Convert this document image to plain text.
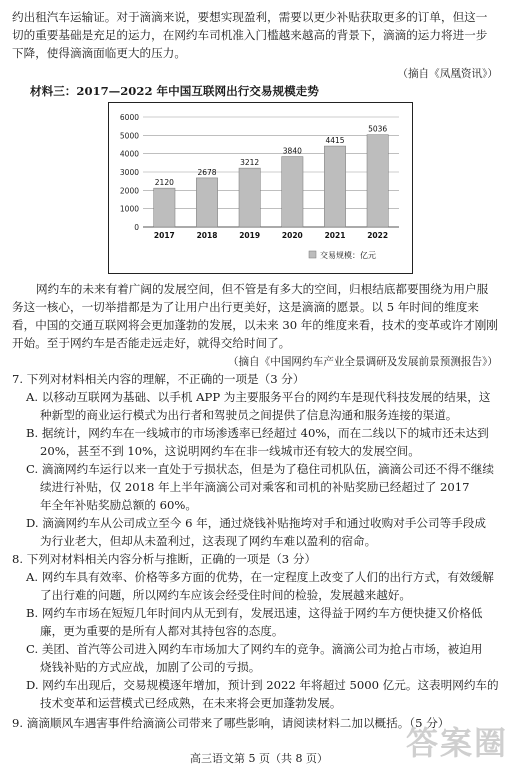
约出租汽车运输证。对于滴滴来说，要想实现盈利，需要以更少补贴获取更多的订单，但这一
切的重要基础是充足的运力，在网约车司机准入门槛越来越高的背景下，滴滴的运力将进一步
下降，使得滴滴面临更大的压力。
（摘自《凤凰资讯》）
材料三：2017—2022 年中国互联网出行交易规模走势
0
1000
2000
3000
4000
5000
6000
2120
2017
2678
2018
3212
2019
3840
2020
4415
2021
5036
2022
交易规模：亿元
网约车的未来有着广阔的发展空间，但不管是有多大的空间，归根结底都要围绕为用户服
务这一核心，一切举措都是为了让用户出行更美好，这是滴滴的愿景。以 5 年时间的维度来
看，中国的交通互联网将会更加蓬勃的发展，以未来 30 年的维度来看，技术的变革或许才刚刚
开始。至于网约车是否能走远走好，就得交给时间了。
（摘自《中国网约车产业全景调研及发展前景预测报告》）
7. 下列对材料相关内容的理解，不正确的一项是（3 分）
A. 以移动互联网为基础、以手机 APP 为主要服务平台的网约车是现代科技发展的结果，这
种新型的商业运行模式为出行者和驾驶员之间提供了信息沟通和服务连接的渠道。
B. 据统计，网约车在一线城市的市场渗透率已经超过 40%，而在二线以下的城市还未达到
20%，甚至不到 10%，这说明网约车在非一线城市还有较大的发展空间。
C. 滴滴网约车运行以来一直处于亏损状态，但是为了稳住司机队伍，滴滴公司还不得不继续
续进行补贴，仅 2018 年上半年滴滴公司对乘客和司机的补贴奖励已经超过了 2017
年全年补贴奖励总额的 60%。
D. 滴滴网约车从公司成立至今 6 年，通过烧钱补贴拖垮对手和通过收购对手公司等手段成
为行业老大，但却从未盈利过，这表现了网约车难以盈利的宿命。
8. 下列对材料相关内容分析与推断，正确的一项是（3 分）
A. 网约车具有效率、价格等多方面的优势，在一定程度上改变了人们的出行方式，有效缓解
了出行难的问题，所以网约车应该会经受住时间的检验，发展越来越好。
B. 网约车市场在短短几年时间内从无到有，发展迅速，这得益于网约车方便快捷又价格低
廉，更为重要的是所有人都对其持包容的态度。
C. 美团、首汽等公司进入网约车市场加大了网约车的竞争。滴滴公司为抢占市场，被迫用
烧钱补贴的方式应战，加剧了公司的亏损。
D. 网约车出现后，交易规模逐年增加，预计到 2022 年将超过 5000 亿元。这表明网约车的
技术变革和运营模式已经成熟，在未来将会更加蓬勃发展。
9. 滴滴顺风车遇害事件给滴滴公司带来了哪些影响，请阅读材料二加以概括。（5 分）
答案圈
高三语文第 5 页（共 8 页）
